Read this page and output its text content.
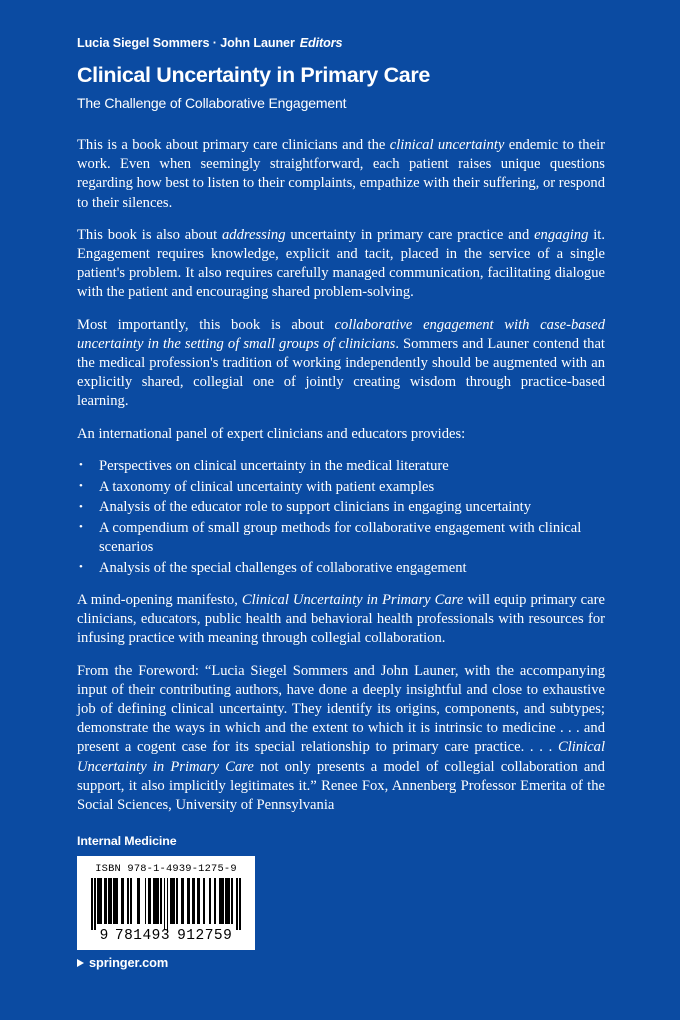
Lucia Siegel Sommers · John Launer Editors
Clinical Uncertainty in Primary Care
The Challenge of Collaborative Engagement

This is a book about primary care clinicians and the clinical uncertainty endemic to their work. Even when seemingly straightforward, each patient raises unique questions regarding how best to listen to their complaints, empathize with their suffering, or respond to their silences.

This book is also about addressing uncertainty in primary care practice and engaging it. Engagement requires knowledge, explicit and tacit, placed in the service of a single patient's problem. It also requires carefully managed communication, facilitating dialogue with the patient and encouraging shared problem-solving.

Most importantly, this book is about collaborative engagement with case-based uncertainty in the setting of small groups of clinicians. Sommers and Launer contend that the medical profession's tradition of working independently should be augmented with an explicitly shared, collegial one of jointly creating wisdom through practice-based learning.

An international panel of expert clinicians and educators provides:

• Perspectives on clinical uncertainty in the medical literature
• A taxonomy of clinical uncertainty with patient examples
• Analysis of the educator role to support clinicians in engaging uncertainty
• A compendium of small group methods for collaborative engagement with clinical scenarios
• Analysis of the special challenges of collaborative engagement

A mind-opening manifesto, Clinical Uncertainty in Primary Care will equip primary care clinicians, educators, public health and behavioral health professionals with resources for infusing practice with meaning through collegial collaboration.

From the Foreword: “Lucia Siegel Sommers and John Launer, with the accompanying input of their contributing authors, have done a deeply insightful and close to exhaustive job of defining clinical uncertainty. They identify its origins, components, and subtypes; demonstrate the ways in which and the extent to which it is intrinsic to medicine . . . and present a cogent case for its special relationship to primary care practice. . . . Clinical Uncertainty in Primary Care not only presents a model of collegial collaboration and support, it also implicitly legitimates it.” Renee Fox, Annenberg Professor Emerita of the Social Sciences, University of Pennsylvania

Internal Medicine
ISBN 978-1-4939-1275-9
9 781493 912759
springer.com
